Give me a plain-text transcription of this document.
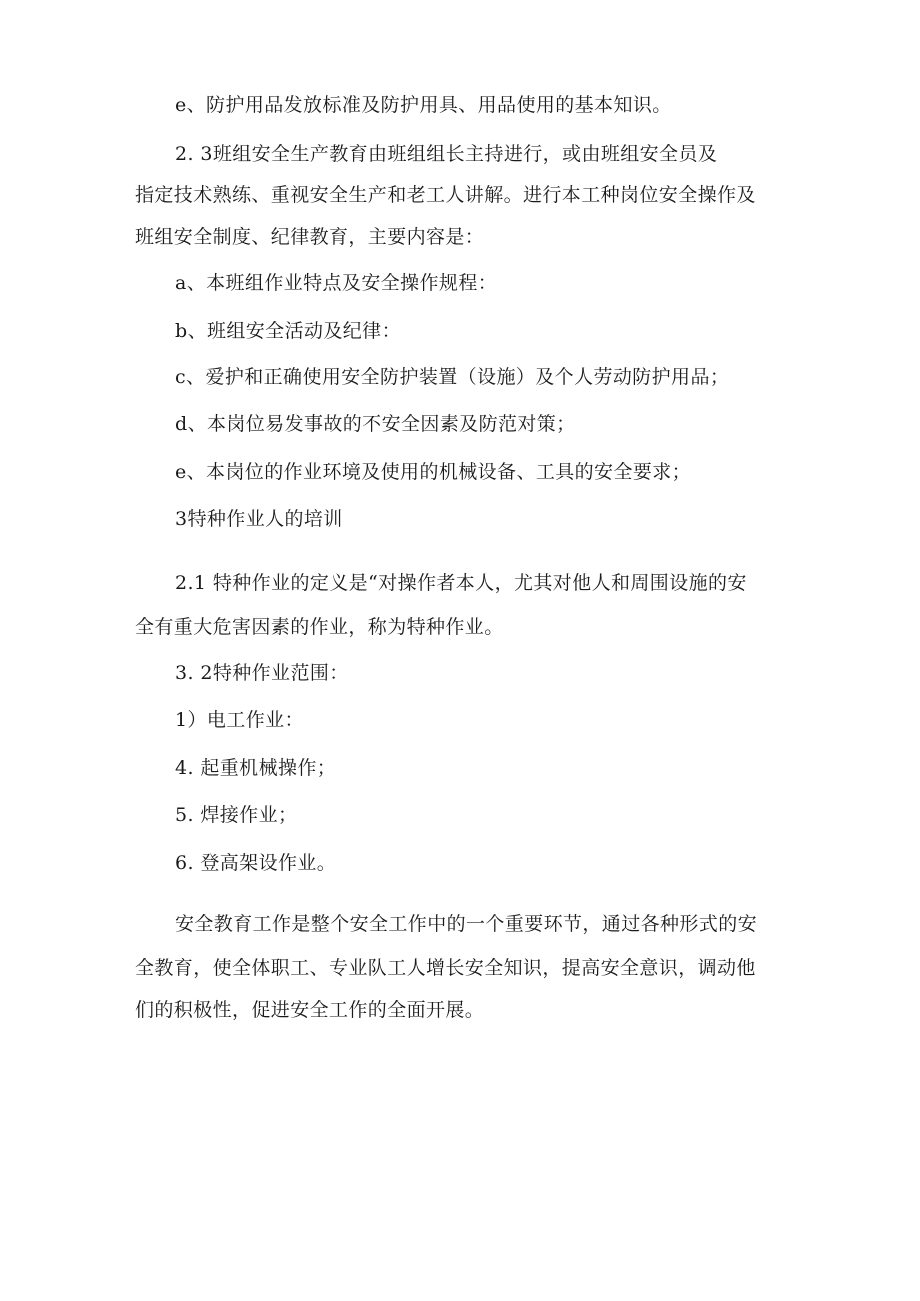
e、防护用品发放标准及防护用具、用品使用的基本知识。
2. 3班组安全生产教育由班组组长主持进行，或由班组安全员及
指定技术熟练、重视安全生产和老工人讲解。进行本工种岗位安全操作及
班组安全制度、纪律教育，主要内容是：
a、本班组作业特点及安全操作规程：
b、班组安全活动及纪律：
c、爱护和正确使用安全防护装置（设施）及个人劳动防护用品；
d、本岗位易发事故的不安全因素及防范对策；
e、本岗位的作业环境及使用的机械设备、工具的安全要求；
3特种作业人的培训
2.1 特种作业的定义是“对操作者本人，尤其对他人和周围设施的安
全有重大危害因素的作业，称为特种作业。
3. 2特种作业范围：
1）电工作业：
4. 起重机械操作；
5. 焊接作业；
6. 登高架设作业。
安全教育工作是整个安全工作中的一个重要环节，通过各种形式的安
全教育，使全体职工、专业队工人增长安全知识，提高安全意识，调动他
们的积极性，促进安全工作的全面开展。
